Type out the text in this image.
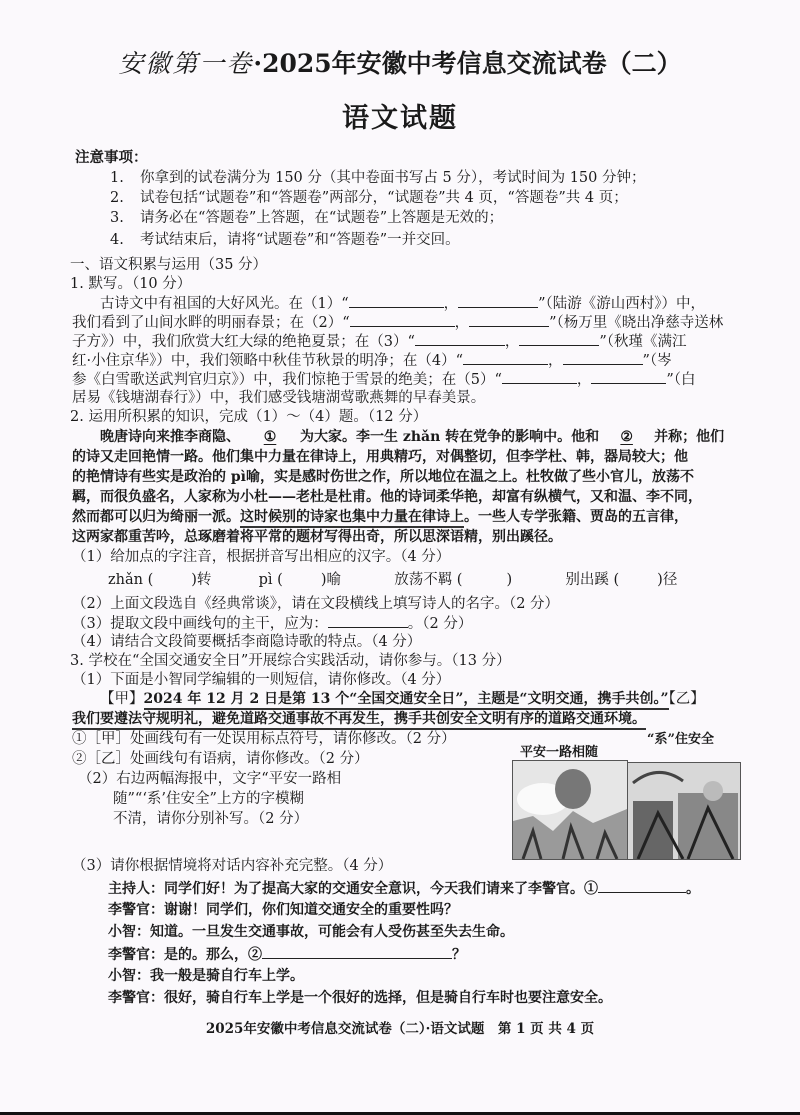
安徽第一卷·2025年安徽中考信息交流试卷（二）
语文试题
注意事项：
1. 你拿到的试卷满分为 150 分（其中卷面书写占 5 分），考试时间为 150 分钟；
2. 试卷包括“试题卷”和“答题卷”两部分，“试题卷”共 4 页，“答题卷”共 4 页；
3. 请务必在“答题卷”上答题，在“试题卷”上答题是无效的；
4. 考试结束后，请将“试题卷”和“答题卷”一并交回。
一、语文积累与运用（35 分）
1. 默写。（10 分）
古诗文中有祖国的大好风光。在（1）“	，	”（陆游《游山西村》）中，
我们看到了山间水畔的明丽春景；在（2）“	，	”（杨万里《晓出净慈寺送林
子方》）中，我们欣赏大红大绿的绝艳夏景；在（3）“	，	”（秋瑾《满江
红·小住京华》）中，我们领略中秋佳节秋景的明净；在（4）“	，	”（岑
参《白雪歌送武判官归京》）中，我们惊艳于雪景的绝美；在（5）“	，	”（白
居易《钱塘湖春行》）中，我们感受钱塘湖莺歌燕舞的早春美景。
2. 运用所积累的知识，完成（1）～（4）题。（12 分）
晚唐诗向来推李商隐、 ① 为大家。李一生 zhǎn 转在党争的影响中。他和 ② 并称；他们
的诗又走回艳情一路。他们集中力量在律诗上，用典精巧，对偶整切，但李学杜、韩，器局较大；他
的艳情诗有些实是政治的 pì喻，实是感时伤世之作，所以地位在温之上。杜牧做了些小官儿，放荡不
羁，而很负盛名，人家称为小杜——老杜是杜甫。他的诗词柔华艳，却富有纵横气，又和温、李不同，
然而都可以归为绮丽一派。这时候别的诗家也集中力量在律诗上。一些人专学张籍、贾岛的五言律，
这两家都重苦吟，总琢磨着将平常的题材写得出奇，所以思深语精，别出蹊径。
（1）给加点的字注音，根据拼音写出相应的汉字。（4 分）
zhǎn (	)转	pì (	)喻	放荡不羁 (	)	别出蹊 (	)径
（2）上面文段选自《经典常谈》，请在文段横线上填写诗人的名字。（2 分）
（3）提取文段中画线句的主干，应为：	。（2 分）
（4）请结合文段简要概括李商隐诗歌的特点。（4 分）
3. 学校在“全国交通安全日”开展综合实践活动，请你参与。（13 分）
（1）下面是小智同学编辑的一则短信，请你修改。（4 分）
【甲】2024 年 12 月 2 日是第 13 个“全国交通安全日”，主题是“文明交通，携手共创。”【乙】
我们要遵法守规明礼，避免道路交通事故不再发生，携手共创安全文明有序的道路交通环境。
①［甲］处画线句有一处误用标点符号，请你修改。（2 分）
②［乙］处画线句有语病，请你修改。（2 分）
（2）右边两幅海报中，文字“平安一路相
随”“‘系’住安全”上方的字模糊
不清，请你分别补写。（2 分）
平安一路相随
“系”住安全
（3）请你根据情境将对话内容补充完整。（4 分）
主持人：同学们好！为了提高大家的交通安全意识，今天我们请来了李警官。①	。
李警官：谢谢！同学们，你们知道交通安全的重要性吗？
小智：知道。一旦发生交通事故，可能会有人受伤甚至失去生命。
李警官：是的。那么，②	？
小智：我一般是骑自行车上学。
李警官：很好，骑自行车上学是一个很好的选择，但是骑自行车时也要注意安全。
2025年安徽中考信息交流试卷（二）·语文试题　第 1 页 共 4 页
